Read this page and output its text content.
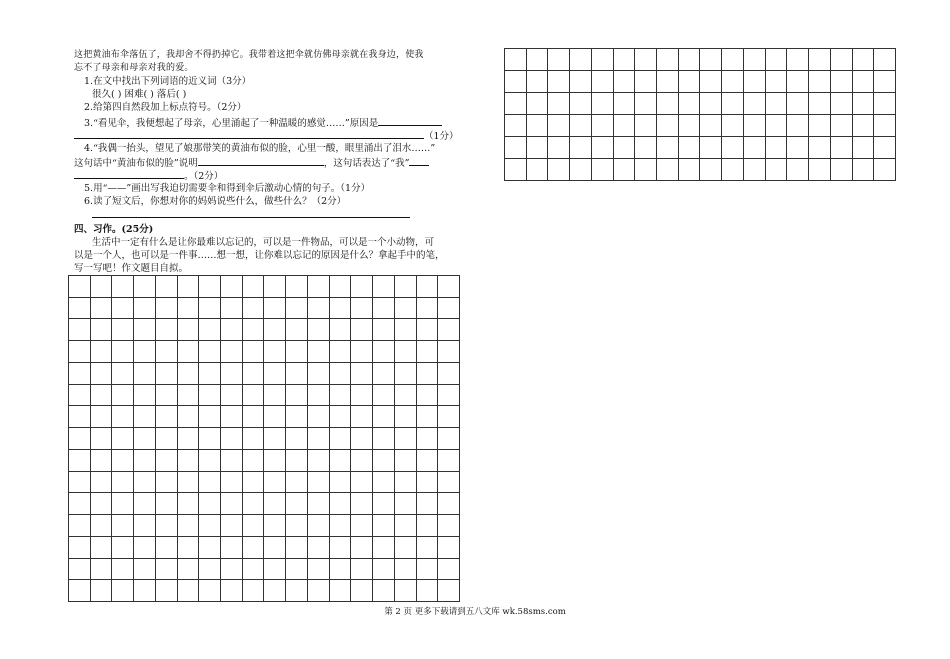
这把黄油布伞落伍了，我却舍不得扔掉它。我带着这把伞就仿佛母亲就在我身边，使我
忘不了母亲和母亲对我的爱。
1.在文中找出下列词语的近义词（3分）
很久( ) 困难( ) 落后( )
2.给第四自然段加上标点符号。（2分）
3.“看见伞，我便想起了母亲，心里涌起了一种温暖的感觉……”原因是
（1分）
4.“我偶一抬头，望见了娘那带笑的黄油布似的脸，心里一酸，眼里涌出了泪水……”
这句话中“黄油布似的脸”说明	，这句话表达了“我”
。（2分）
5.用“——”画出写我迫切需要伞和得到伞后激动心情的句子。（1分）
6.读了短文后，你想对你的妈妈说些什么，做些什么？（2分）
四、习作。(25分)
生活中一定有什么是让你最难以忘记的，可以是一件物品，可以是一个小动物，可
以是一个人，也可以是一件事……想一想，让你难以忘记的原因是什么？拿起手中的笔，
写一写吧！作文题目自拟。
第 2 页 更多下载请到五八文库 wk.58sms.com
